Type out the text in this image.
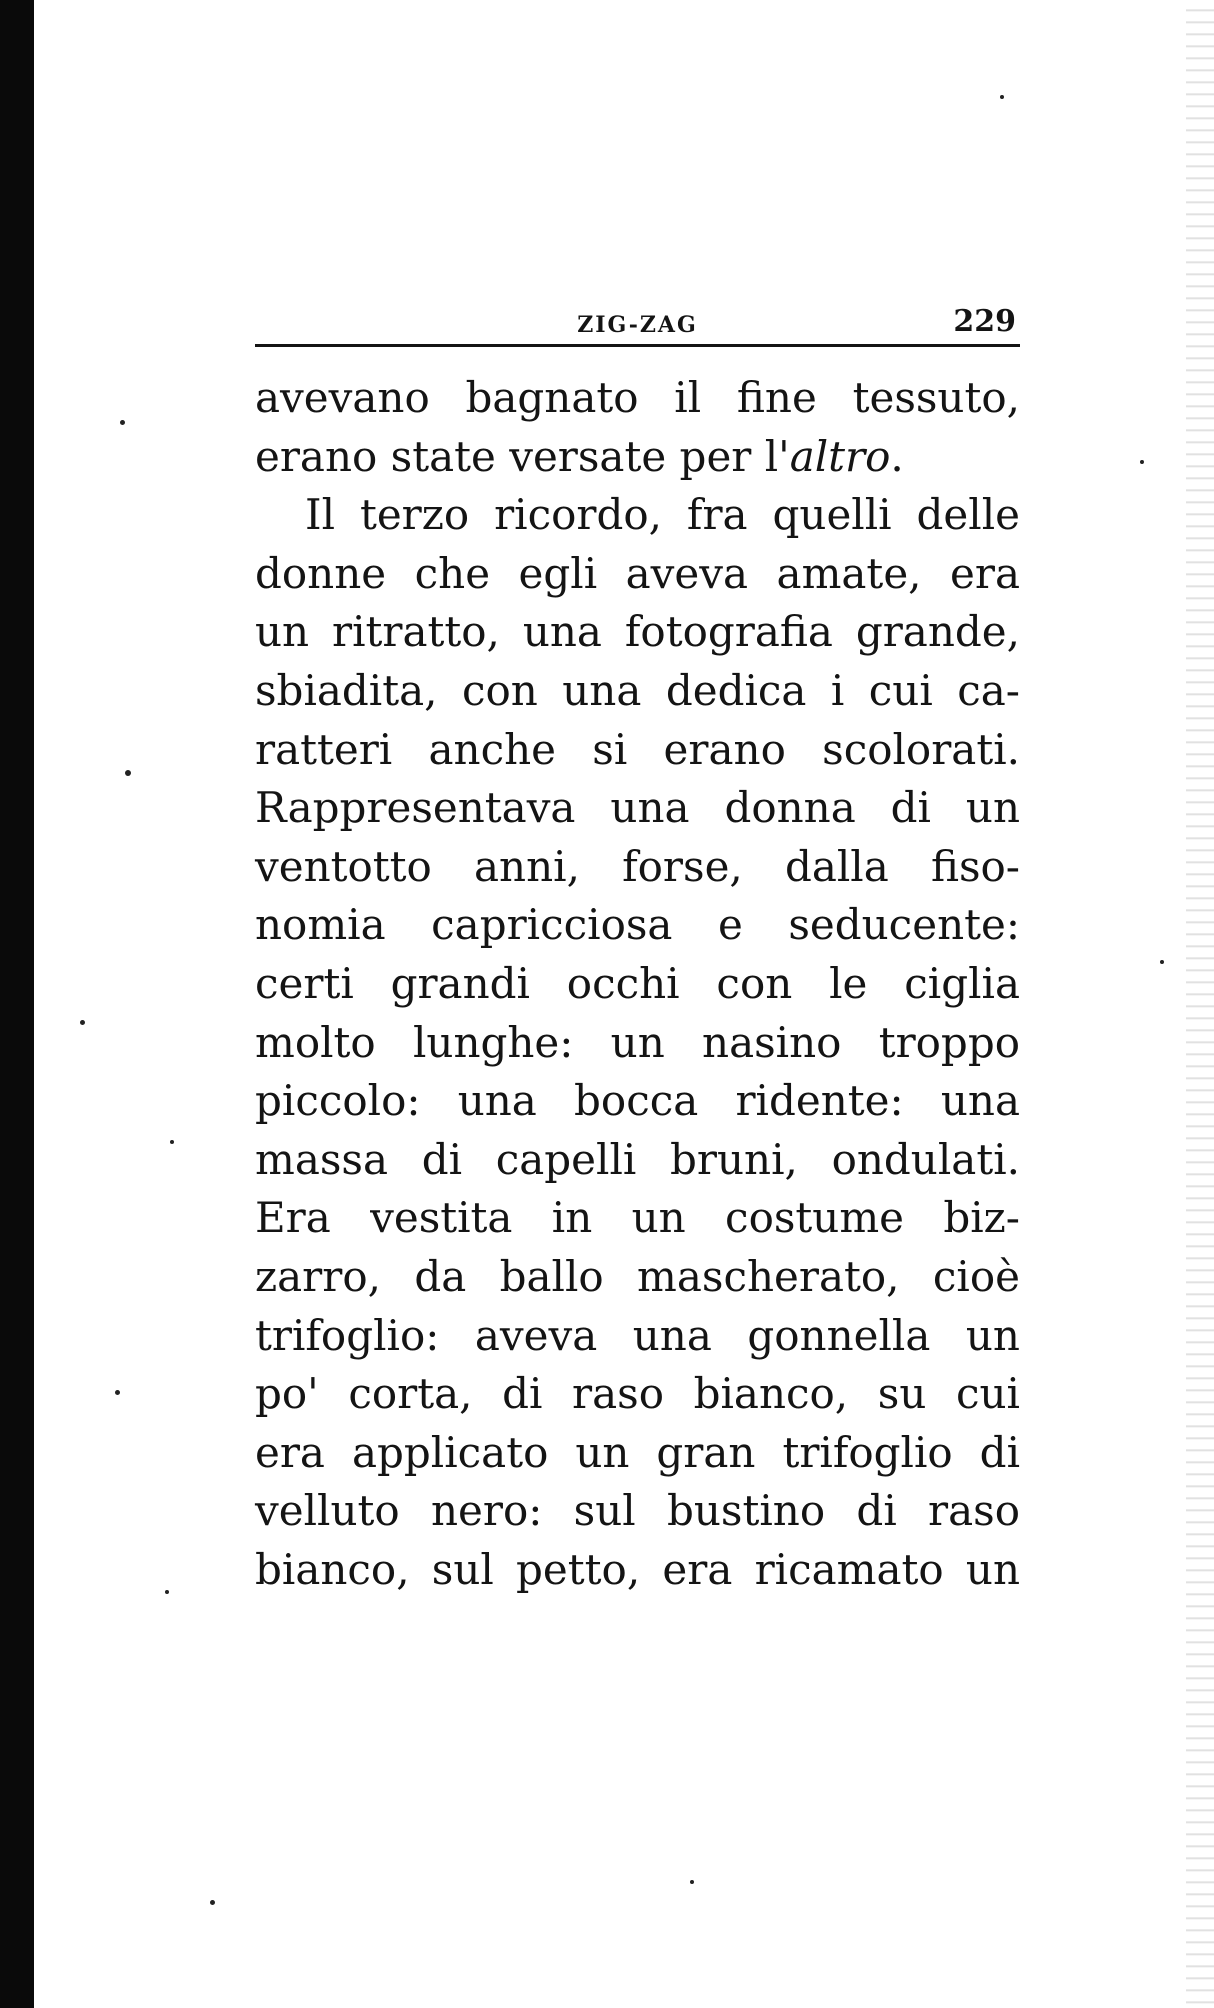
ZIG-ZAG	229
avevano bagnato il fine tessuto,
erano state versate per l'altro.
Il terzo ricordo, fra quelli delle
donne che egli aveva amate, era
un ritratto, una fotografia grande,
sbiadita, con una dedica i cui ca-
ratteri anche si erano scolorati.
Rappresentava una donna di un
ventotto anni, forse, dalla fiso-
nomia capricciosa e seducente:
certi grandi occhi con le ciglia
molto lunghe: un nasino troppo
piccolo: una bocca ridente: una
massa di capelli bruni, ondulati.
Era vestita in un costume biz-
zarro, da ballo mascherato, cioè
trifoglio: aveva una gonnella un
po' corta, di raso bianco, su cui
era applicato un gran trifoglio di
velluto nero: sul bustino di raso
bianco, sul petto, era ricamato un
